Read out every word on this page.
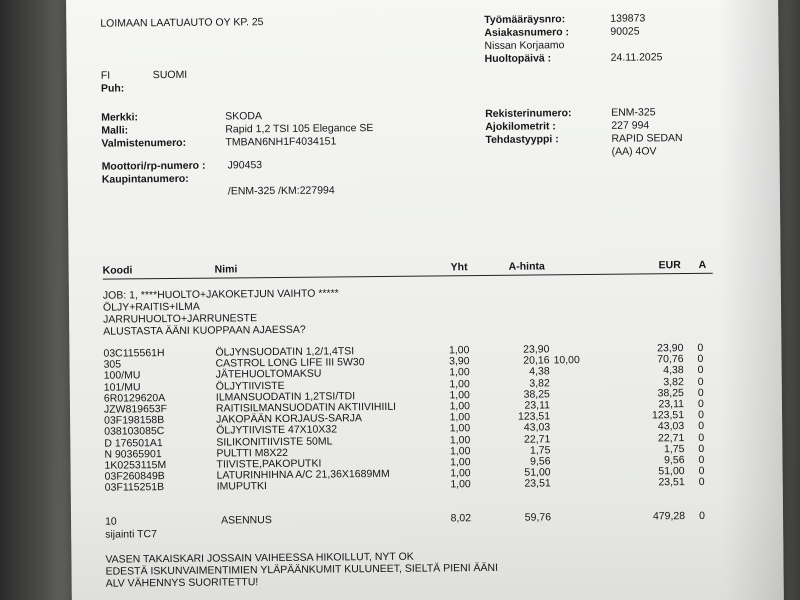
LOIMAAN LAATUAUTO OY KP. 25
FI	SUOMI
Puh:
Työmääräysnro:	139873
Asiakasnumero :	90025
Nissan Korjaamo
Huoltopäivä :	24.11.2025
Merkki:	SKODA
Malli:	Rapid 1,2 TSI 105 Elegance SE
Valmistenumero:	TMBAN6NH1F4034151
Moottori/rp-numero : J90453
Kaupintanumero:
/ENM-325 /KM:227994
Rekisterinumero:	ENM-325
Ajokilometrit :	227 994
Tehdastyyppi :	RAPID SEDAN
(AA) 4OV
Koodi	Nimi	Yht	A-hinta	EUR A
JOB: 1, ****HUOLTO+JAKOKETJUN VAIHTO *****
ÖLJY+RAITIS+ILMA
JARRUHUOLTO+JARRUNESTE
ALUSTASTA ÄÄNI KUOPPAAN AJAESSA?
03C115561H	ÖLJYNSUODATIN 1,2/1,4TSI	1,00	23,90	23,90 0
305	CASTROL LONG LIFE III 5W30	3,90	20,16 10,00	70,76 0
100/MU	JÄTEHUOLTOMAKSU	1,00	4,38	4,38 0
101/MU	ÖLJYTIIVISTE	1,00	3,82	3,82 0
6R0129620A	ILMANSUODATIN 1,2TSI/TDI	1,00	38,25	38,25 0
JZW819653F	RAITISILMANSUODATIN AKTIIVIHIILI	1,00	23,11	23,11 0
03F198158B	JAKOPÄÄN KORJAUS-SARJA	1,00	123,51	123,51 0
038103085C	ÖLJYTIIVISTE 47X10X32	1,00	43,03	43,03 0
D 176501A1	SILIKONITIIVISTE 50ML	1,00	22,71	22,71 0
N 90365901	PULTTI M8X22	1,00	1,75	1,75 0
1K0253115M	TIIVISTE,PAKOPUTKI	1,00	9,56	9,56 0
03F260849B	LATURINHIHNA A/C 21,36X1689MM	1,00	51,00	51,00 0
03F115251B	IMUPUTKI	1,00	23,51	23,51 0
10	ASENNUS	8,02	59,76	479,28 0
sijainti TC7
VASEN TAKAISKARI JOSSAIN VAIHEESSA HIKOILLUT, NYT OK
EDESTÄ ISKUNVAIMENTIMIEN YLÄPÄÄNKUMIT KULUNEET, SIELTÄ PIENI ÄÄNI
ALV VÄHENNYS SUORITETTU!
